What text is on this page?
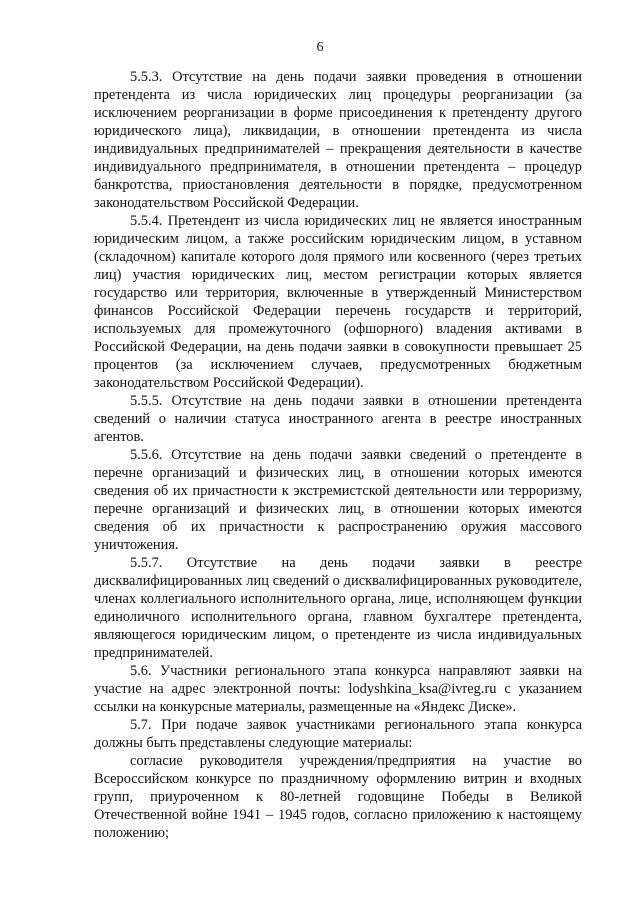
6

5.5.3. Отсутствие на день подачи заявки проведения в отношении претендента из числа юридических лиц процедуры реорганизации (за исключением реорганизации в форме присоединения к претенденту другого юридического лица), ликвидации, в отношении претендента из числа индивидуальных предпринимателей – прекращения деятельности в качестве индивидуального предпринимателя, в отношении претендента – процедур банкротства, приостановления деятельности в порядке, предусмотренном законодательством Российской Федерации.

5.5.4. Претендент из числа юридических лиц не является иностранным юридическим лицом, а также российским юридическим лицом, в уставном (складочном) капитале которого доля прямого или косвенного (через третьих лиц) участия юридических лиц, местом регистрации которых является государство или территория, включенные в утвержденный Министерством финансов Российской Федерации перечень государств и территорий, используемых для промежуточного (офшорного) владения активами в Российской Федерации, на день подачи заявки в совокупности превышает 25 процентов (за исключением случаев, предусмотренных бюджетным законодательством Российской Федерации).

5.5.5. Отсутствие на день подачи заявки в отношении претендента сведений о наличии статуса иностранного агента в реестре иностранных агентов.

5.5.6. Отсутствие на день подачи заявки сведений о претенденте в перечне организаций и физических лиц, в отношении которых имеются сведения об их причастности к экстремистской деятельности или терроризму, перечне организаций и физических лиц, в отношении которых имеются сведения об их причастности к распространению оружия массового уничтожения.

5.5.7. Отсутствие на день подачи заявки в реестре дисквалифицированных лиц сведений о дисквалифицированных руководителе, членах коллегиального исполнительного органа, лице, исполняющем функции единоличного исполнительного органа, главном бухгалтере претендента, являющегося юридическим лицом, о претенденте из числа индивидуальных предпринимателей.

5.6. Участники регионального этапа конкурса направляют заявки на участие на адрес электронной почты: lodyshkina_ksa@ivreg.ru с указанием ссылки на конкурсные материалы, размещенные на «Яндекс Диске».

5.7. При подаче заявок участниками регионального этапа конкурса должны быть представлены следующие материалы:

согласие руководителя учреждения/предприятия на участие во Всероссийском конкурсе по праздничному оформлению витрин и входных групп, приуроченном к 80-летней годовщине Победы в Великой Отечественной войне 1941 – 1945 годов, согласно приложению к настоящему положению;
